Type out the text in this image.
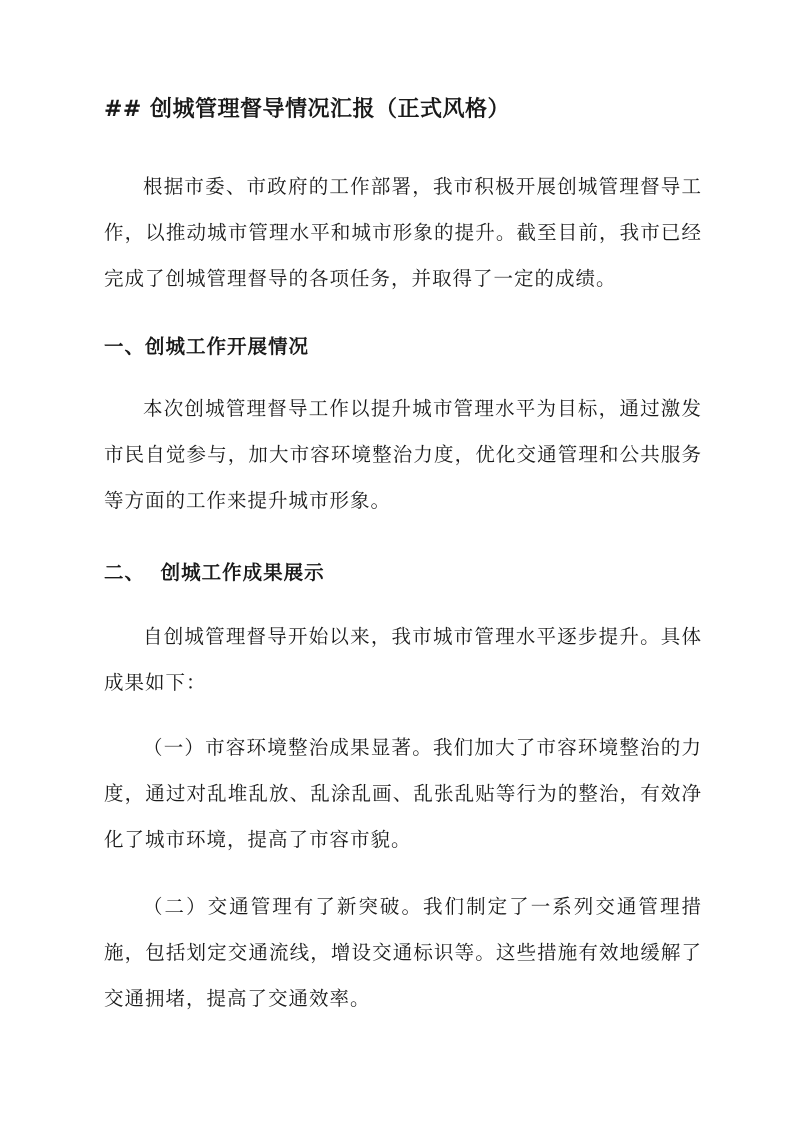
## 创城管理督导情况汇报（正式风格）

根据市委、市政府的工作部署，我市积极开展创城管理督导工作，以推动城市管理水平和城市形象的提升。截至目前，我市已经完成了创城管理督导的各项任务，并取得了一定的成绩。

一、创城工作开展情况

本次创城管理督导工作以提升城市管理水平为目标，通过激发市民自觉参与，加大市容环境整治力度，优化交通管理和公共服务等方面的工作来提升城市形象。

二、  创城工作成果展示

自创城管理督导开始以来，我市城市管理水平逐步提升。具体成果如下：

（一）市容环境整治成果显著。我们加大了市容环境整治的力度，通过对乱堆乱放、乱涂乱画、乱张乱贴等行为的整治，有效净化了城市环境，提高了市容市貌。

（二）交通管理有了新突破。我们制定了一系列交通管理措施，包括划定交通流线，增设交通标识等。这些措施有效地缓解了交通拥堵，提高了交通效率。
